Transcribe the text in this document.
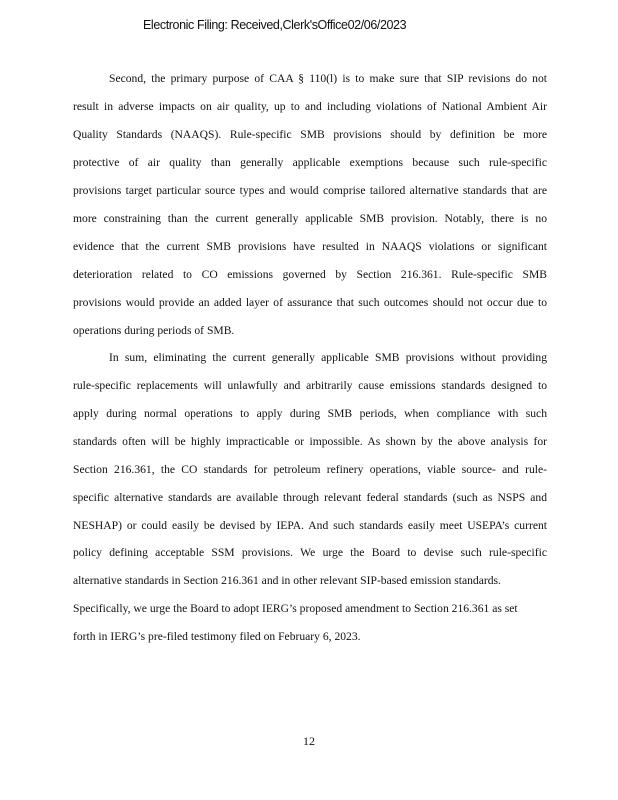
Electronic Filing: Received,Clerk'sOffice02/06/2023
Second, the primary purpose of CAA § 110(l) is to make sure that SIP revisions do not
result in adverse impacts on air quality, up to and including violations of National Ambient Air
Quality Standards (NAAQS). Rule-specific SMB provisions should by definition be more
protective of air quality than generally applicable exemptions because such rule-specific
provisions target particular source types and would comprise tailored alternative standards that are
more constraining than the current generally applicable SMB provision. Notably, there is no
evidence that the current SMB provisions have resulted in NAAQS violations or significant
deterioration related to CO emissions governed by Section 216.361. Rule-specific SMB
provisions would provide an added layer of assurance that such outcomes should not occur due to
operations during periods of SMB.
In sum, eliminating the current generally applicable SMB provisions without providing
rule-specific replacements will unlawfully and arbitrarily cause emissions standards designed to
apply during normal operations to apply during SMB periods, when compliance with such
standards often will be highly impracticable or impossible. As shown by the above analysis for
Section 216.361, the CO standards for petroleum refinery operations, viable source- and rule-
specific alternative standards are available through relevant federal standards (such as NSPS and
NESHAP) or could easily be devised by IEPA. And such standards easily meet USEPA’s current
policy defining acceptable SSM provisions. We urge the Board to devise such rule-specific
alternative standards in Section 216.361 and in other relevant SIP-based emission standards.
Specifically, we urge the Board to adopt IERG’s proposed amendment to Section 216.361 as set
forth in IERG’s pre-filed testimony filed on February 6, 2023.
12
